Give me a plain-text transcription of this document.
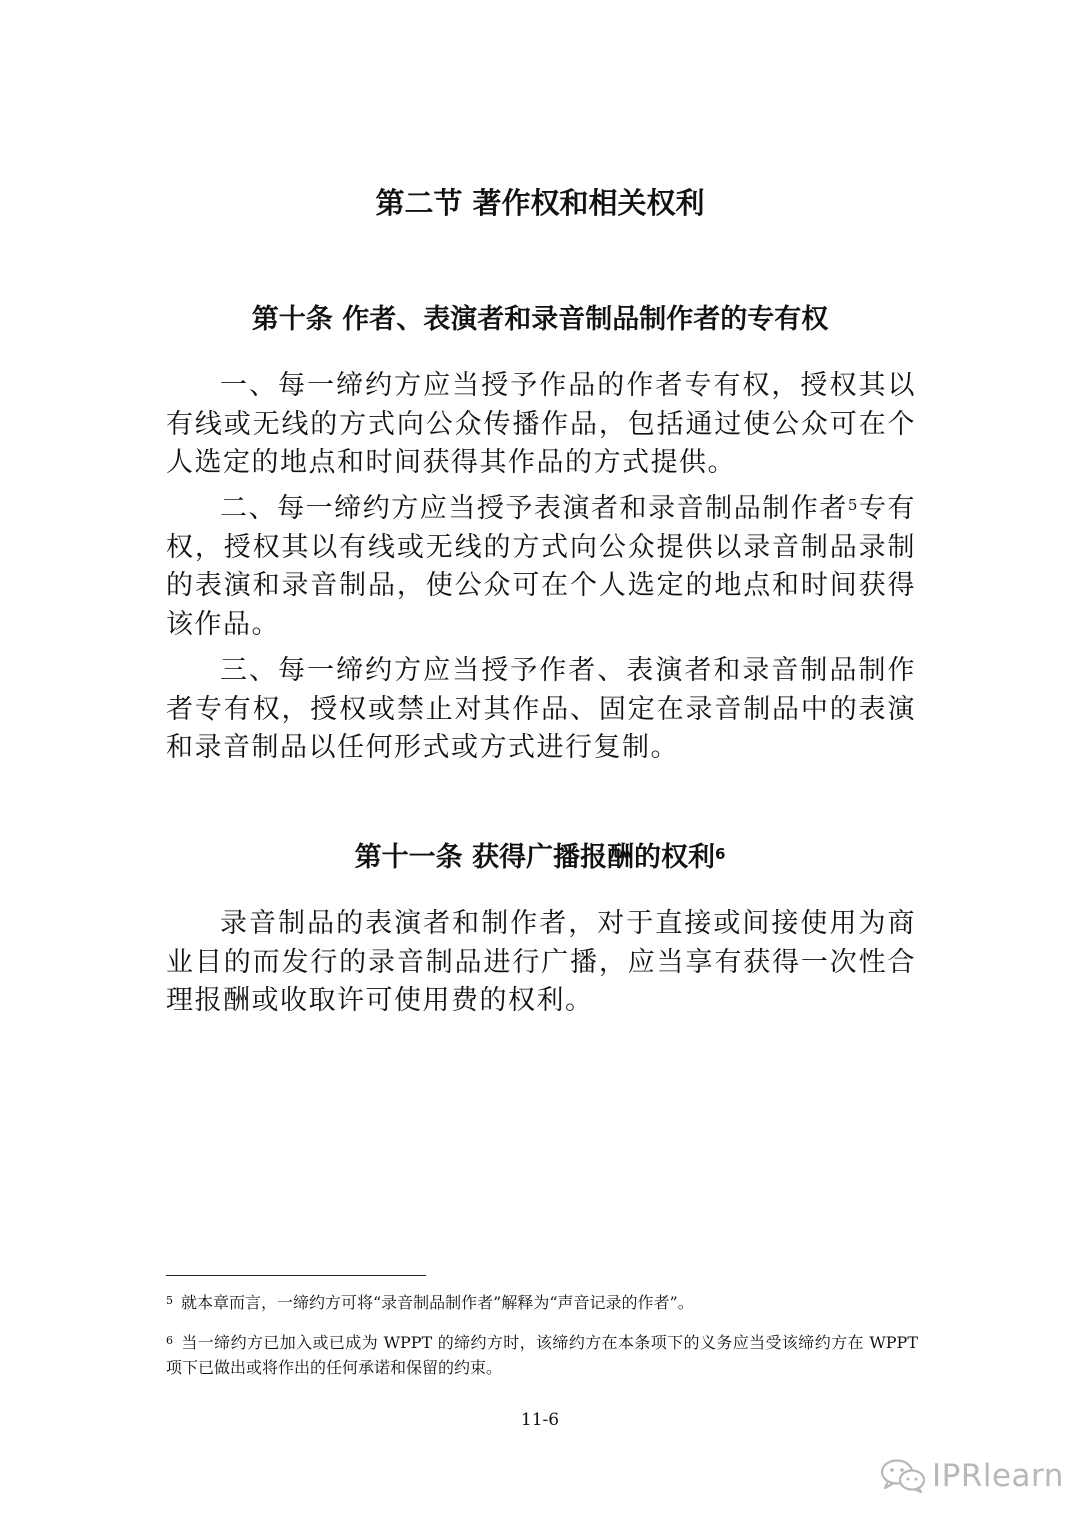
第二节 著作权和相关权利
第十条 作者、表演者和录音制品制作者的专有权

一、每一缔约方应当授予作品的作者专有权，授权其以有线或无线的方式向公众传播作品，包括通过使公众可在个人选定的地点和时间获得其作品的方式提供。

二、每一缔约方应当授予表演者和录音制品制作者$^5$专有权，授权其以有线或无线的方式向公众提供以录音制品录制的表演和录音制品，使公众可在个人选定的地点和时间获得该作品。

三、每一缔约方应当授予作者、表演者和录音制品制作者专有权，授权或禁止对其作品、固定在录音制品中的表演和录音制品以任何形式或方式进行复制。

第十一条 获得广播报酬的权利$^6$

录音制品的表演者和制作者，对于直接或间接使用为商业目的而发行的录音制品进行广播，应当享有获得一次性合理报酬或收取许可使用费的权利。

$^5$ 就本章而言，一缔约方可将“录音制品制作者”解释为“声音记录的作者”。
$^6$ 当一缔约方已加入或已成为 WPPT 的缔约方时，该缔约方在本条项下的义务应当受该缔约方在 WPPT 项下已做出或将作出的任何承诺和保留的约束。
11-6
IPRlearn
